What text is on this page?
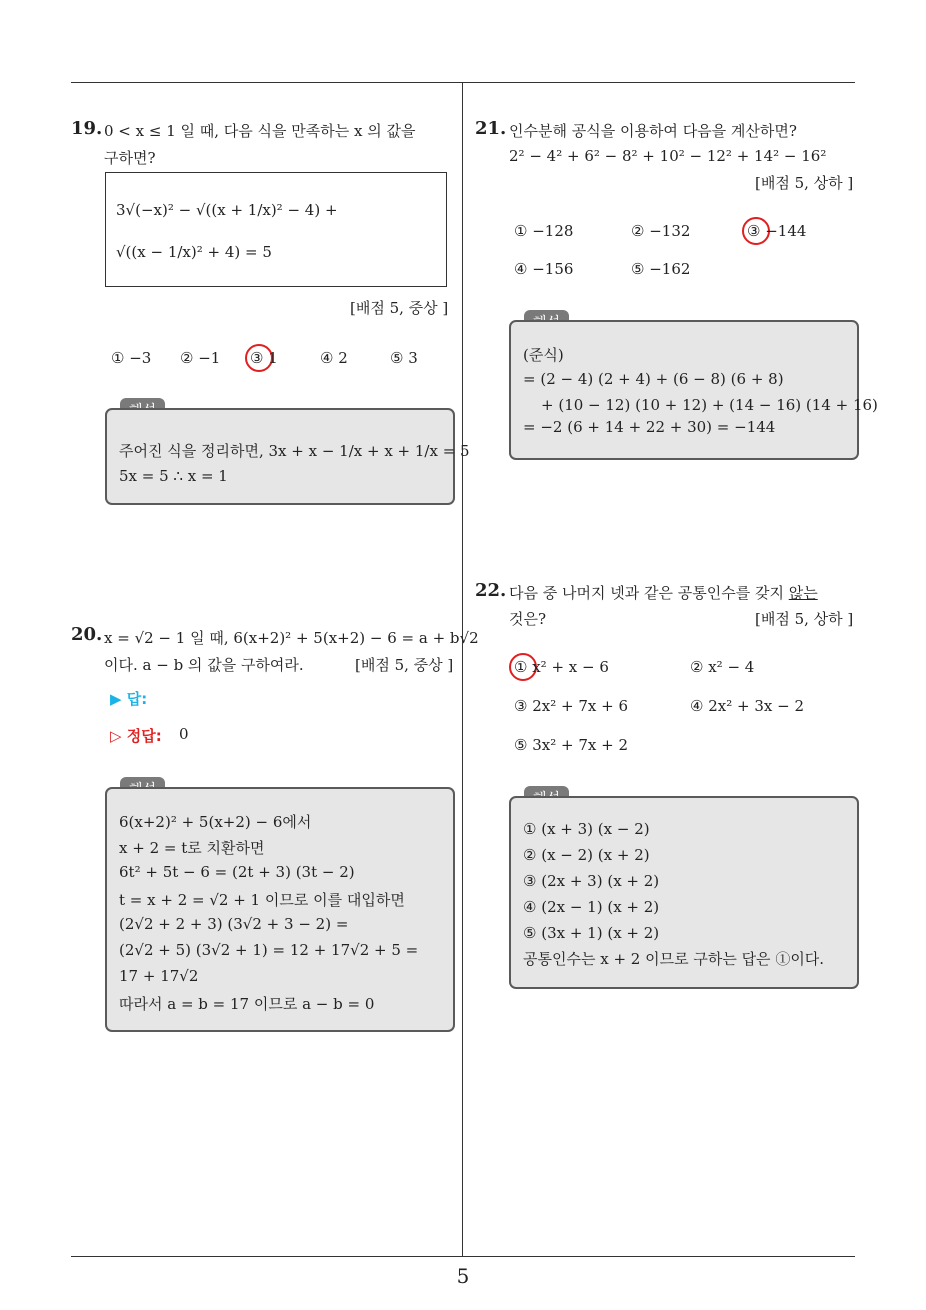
19. 0 < x ≤ 1 일 때, 다음 식을 만족하는 x 의 값을
구하면?
3√(−x)² − √((x + 1/x)² − 4) +
√((x − 1/x)² + 4) = 5
[배점 5, 중상 ]
① −3 ② −1 ③ 1	④ 2	⑤ 3
주어진 식을 정리하면, 3x + x − 1/x + x + 1/x = 5
5x = 5 ∴ x = 1
20. x = √2 − 1 일 때, 6(x+2)² + 5(x+2) − 6 = a + b√2
이다. a − b 의 값을 구하여라.	[배점 5, 중상 ]
▶ 답:
▷ 정답: 0
6(x+2)² + 5(x+2) − 6에서
x + 2 = t로 치환하면
6t² + 5t − 6 = (2t + 3) (3t − 2)
t = x + 2 = √2 + 1 이므로 이를 대입하면
(2√2 + 2 + 3) (3√2 + 3 − 2) =
(2√2 + 5) (3√2 + 1) = 12 + 17√2 + 5 =
17 + 17√2
따라서 a = b = 17 이므로 a − b = 0
21. 인수분해 공식을 이용하여 다음을 계산하면?
2² − 4² + 6² − 8² + 10² − 12² + 14² − 16²
[배점 5, 상하 ]
① −128	② −132	③ −144
④ −156	⑤ −162
(준식)
= (2 − 4) (2 + 4) + (6 − 8) (6 + 8)
+ (10 − 12) (10 + 12) + (14 − 16) (14 + 16)
= −2 (6 + 14 + 22 + 30) = −144
22. 다음 중 나머지 넷과 같은 공통인수를 갖지 않는
것은?	[배점 5, 상하 ]
① x² + x − 6	② x² − 4
③ 2x² + 7x + 6	④ 2x² + 3x − 2
⑤ 3x² + 7x + 2
① (x + 3) (x − 2)
② (x − 2) (x + 2)
③ (2x + 3) (x + 2)
④ (2x − 1) (x + 2)
⑤ (3x + 1) (x + 2)
공통인수는 x + 2 이므로 구하는 답은 ①이다.
5
